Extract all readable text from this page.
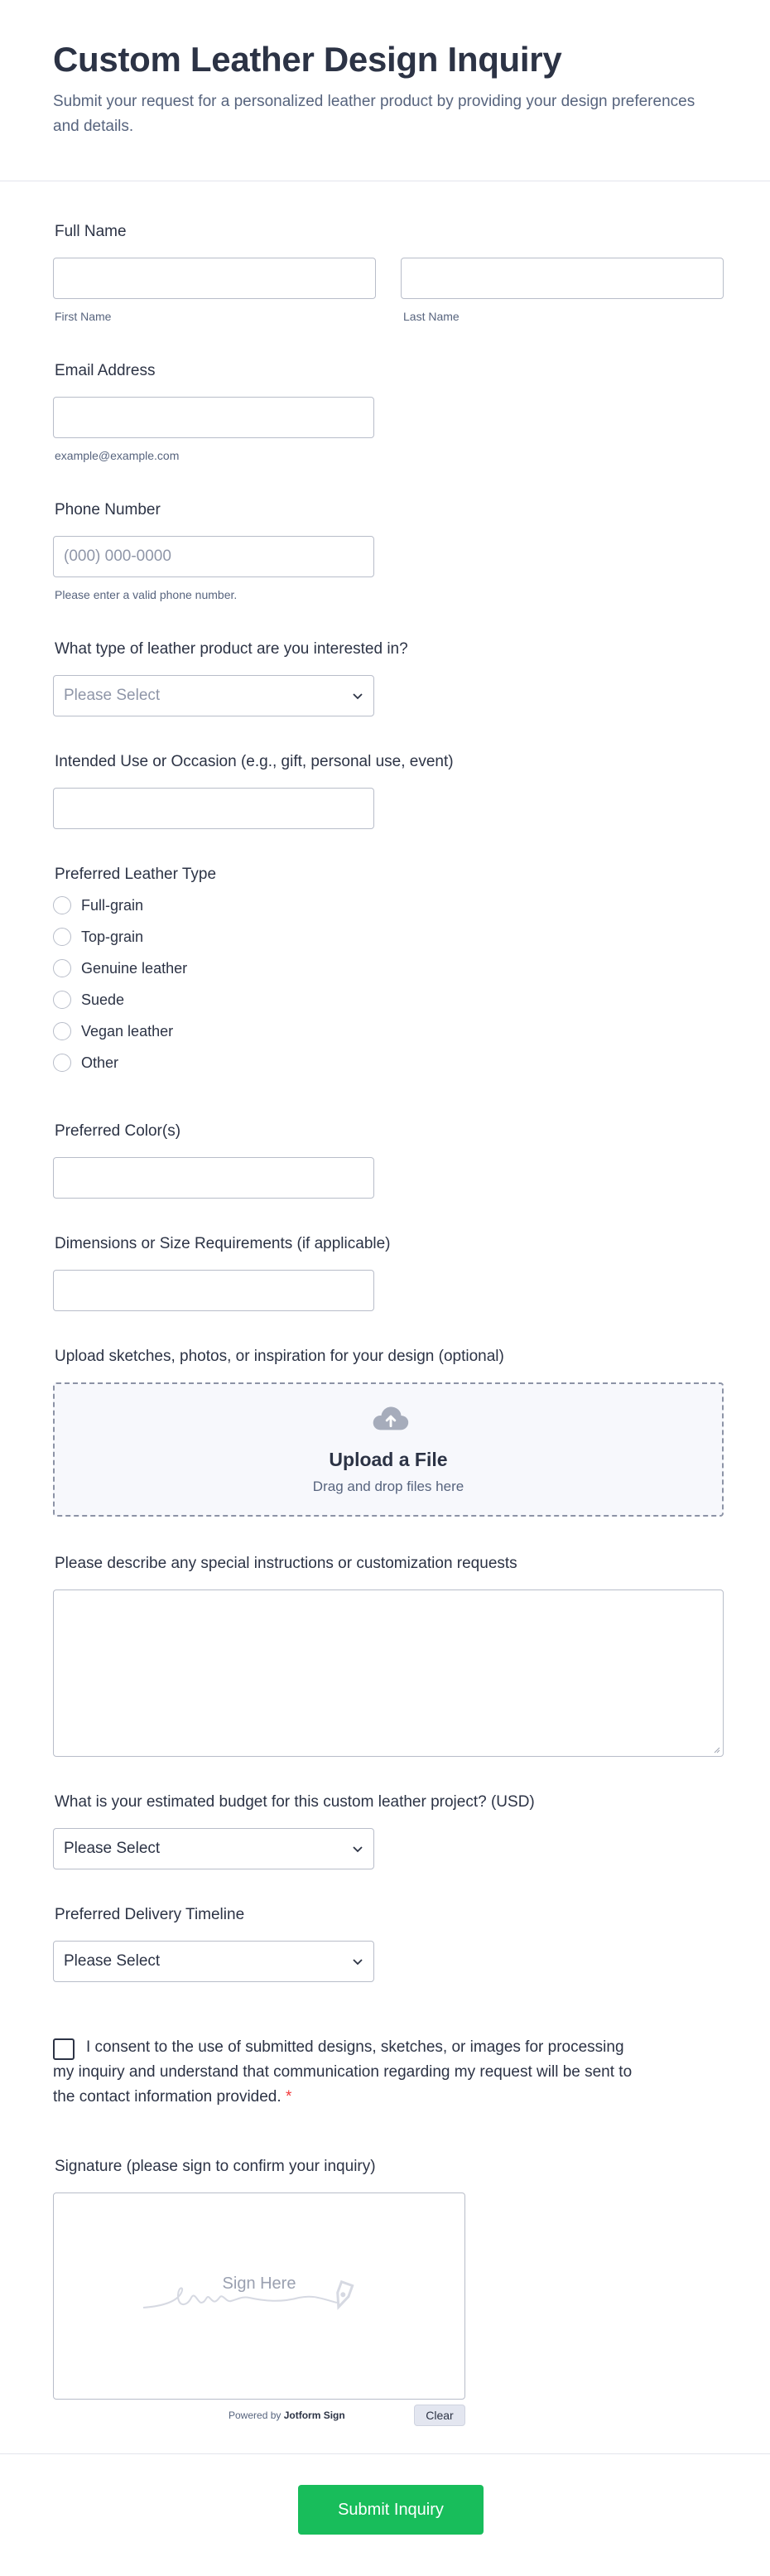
Custom Leather Design Inquiry
Submit your request for a personalized leather product by providing your design preferences and details.
Full Name
First Name	Last Name
Email Address
example@example.com
Phone Number
(000) 000-0000
Please enter a valid phone number.
What type of leather product are you interested in?
Please Select
Intended Use or Occasion (e.g., gift, personal use, event)
Preferred Leather Type
Full-grain
Top-grain
Genuine leather
Suede
Vegan leather
Other
Preferred Color(s)
Dimensions or Size Requirements (if applicable)
Upload sketches, photos, or inspiration for your design (optional)
Upload a File
Drag and drop files here
Please describe any special instructions or customization requests
What is your estimated budget for this custom leather project? (USD)
Please Select
Preferred Delivery Timeline
Please Select
I consent to the use of submitted designs, sketches, or images for processing my inquiry and understand that communication regarding my request will be sent to the contact information provided. *
Signature (please sign to confirm your inquiry)
Sign Here
Powered by Jotform Sign	Clear
Submit Inquiry
